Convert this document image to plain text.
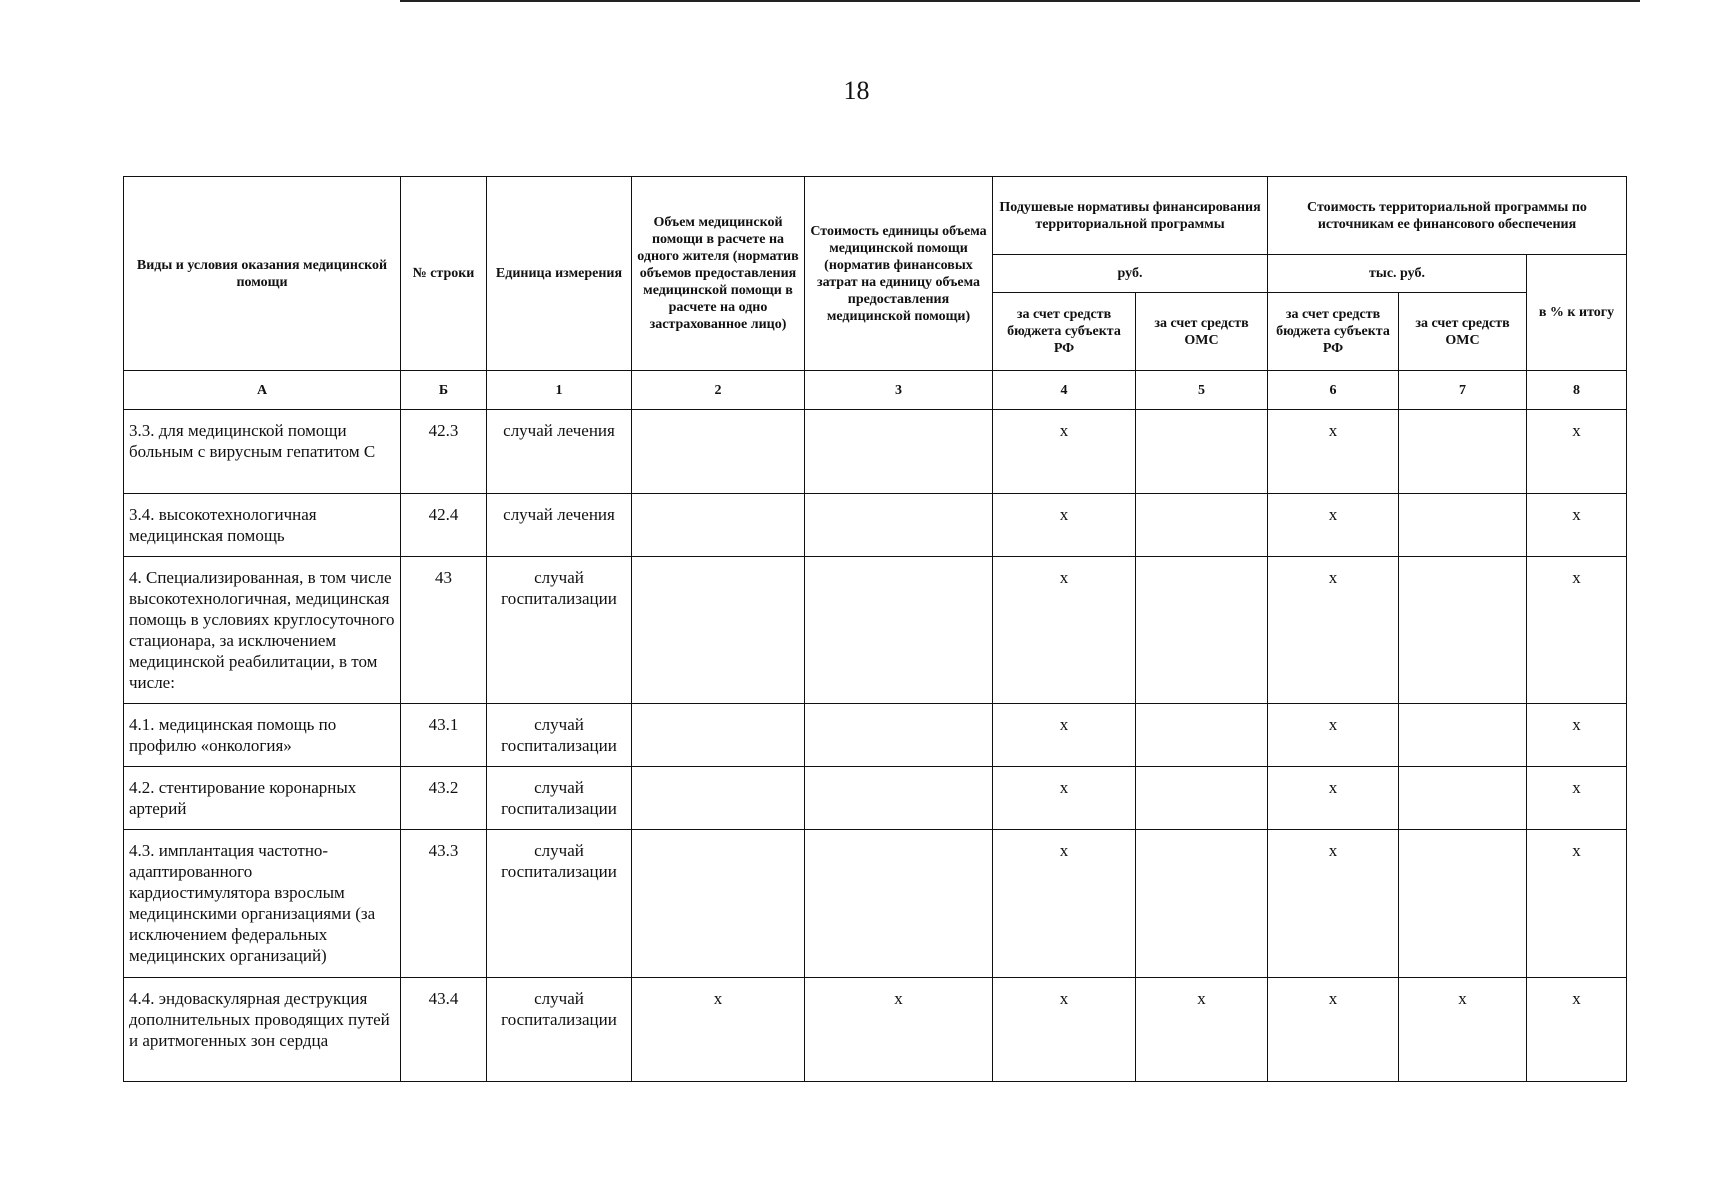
18
Виды и условия оказания медицинской помощи	№ строки	Единица измерения	Объем медицинской помощи в расчете на одного жителя (норматив объемов предоставления медицинской помощи в расчете на одно застрахованное лицо)	Стоимость единицы объема медицинской помощи (норматив финансовых затрат на единицу объема предоставления медицинской помощи)	Подушевые нормативы финансирования территориальной программы		Стоимость территориальной программы по источникам ее финансового обеспечения		
					руб.		тыс. руб.		в % к итогу
					за счет средств бюджета субъекта РФ	за счет средств ОМС	за счет средств бюджета субъекта РФ	за счет средств ОМС	
А	Б	1	2	3	4	5	6	7	8
3.3. для медицинской помощи больным с вирусным гепатитом С	42.3	случай лечения			х		х		х
3.4. высокотехнологичная медицинская помощь	42.4	случай лечения			х		х		х
4. Специализированная, в том числе высокотехнологичная, медицинская помощь в условиях круглосуточного стационара, за исключением медицинской реабилитации, в том числе:	43	случай госпитализации			х		х		х
4.1. медицинская помощь по профилю «онкология»	43.1	случай госпитализации			х		х		х
4.2. стентирование коронарных артерий	43.2	случай госпитализации			х		х		х
4.3. имплантация частотно-адаптированного кардиостимулятора взрослым медицинскими организациями (за исключением федеральных медицинских организаций)	43.3	случай госпитализации			х		х		х
4.4. эндоваскулярная деструкция дополнительных проводящих путей и аритмогенных зон сердца	43.4	случай госпитализации	х	х	х	х	х	х	х
